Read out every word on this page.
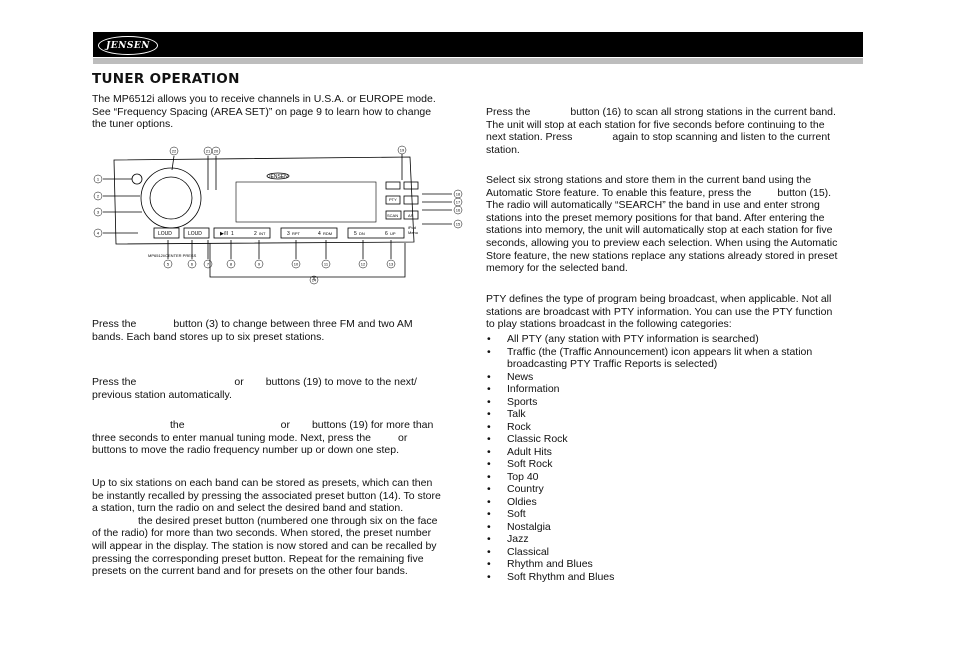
JENSEN
TUNER OPERATION

The MP6512i allows you to receive channels in U.S.A. or EUROPE mode.
See “Frequency Spacing (AREA SET)” on page 9 to learn how to change
the tuner options.

JENSEN
MP6512I/CENTER PRESS
LOUD	LOUD	▶/II 1	2 INT	3 RPT	4 RDM	5 DN	6 UP
PTY
SCAN AS
iPod
Menu
1
2
3
4
5	6	7	8	9	10	11	12	13
14
15
16
17
18
19
20
21
22

Press the	button (3) to change between three FM and two AM
bands. Each band stores up to six preset stations.

Press the	or buttons (19) to move to the next/
previous station automatically.

the	or buttons (19) for more than
three seconds to enter manual tuning mode. Next, press the	or
buttons to move the radio frequency number up or down one step.

Up to six stations on each band can be stored as presets, which can then
be instantly recalled by pressing the associated preset button (14). To store
a station, turn the radio on and select the desired band and station.
the desired preset button (numbered one through six on the face
of the radio) for more than two seconds. When stored, the preset number
will appear in the display. The station is now stored and can be recalled by
pressing the corresponding preset button. Repeat for the remaining five
presets on the current band and for presets on the other four bands.

Press the	button (16) to scan all strong stations in the current band.
The unit will stop at each station for five seconds before continuing to the
next station. Press	again to stop scanning and listen to the current
station.

Select six strong stations and store them in the current band using the
Automatic Store feature. To enable this feature, press the button (15).
The radio will automatically “SEARCH” the band in use and enter strong
stations into the preset memory positions for that band. After entering the
stations into memory, the unit will automatically stop at each station for five
seconds, allowing you to preview each selection. When using the Automatic
Store feature, the new stations replace any stations already stored in preset
memory for the selected band.

PTY defines the type of program being broadcast, when applicable. Not all
stations are broadcast with PTY information. You can use the PTY function
to play stations broadcast in the following categories:

• All PTY (any station with PTY information is searched)
• Traffic (the (Traffic Announcement) icon appears lit when a station broadcasting PTY Traffic Reports is selected)
• News
• Information
• Sports
• Talk
• Rock
• Classic Rock
• Adult Hits
• Soft Rock
• Top 40
• Country
• Oldies
• Soft
• Nostalgia
• Jazz
• Classical
• Rhythm and Blues
• Soft Rhythm and Blues
